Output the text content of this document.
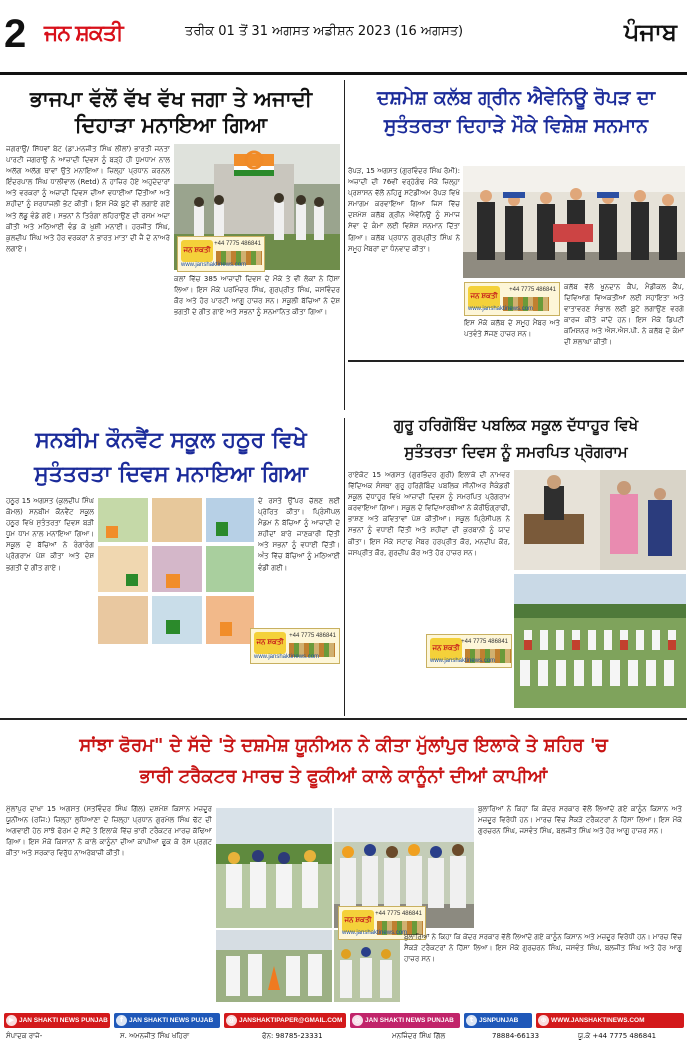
2 ਜਨ ਸ਼ਕਤੀ	ਤਰੀਕ 01 ਤੋਂ 31 ਅਗਸਤ ਅਡੀਸ਼ਨ 2023 (16 ਅਗਸਤ)	ਪੰਜਾਬ
ਭਾਜਪਾ ਵੱਲੋਂ ਵੱਖ ਵੱਖ ਜਗਾ ਤੇ ਅਜਾਦੀ
ਦਿਹਾੜਾ ਮਨਾਇਆ ਗਿਆ
ਜਗਰਾਉਂ/ ਸਿੱਧਵਾਂ ਬੇਟ (ਡਾ.ਮਨਜੀਤ ਸਿੰਘ ਲੀਲਾਂ) ਭਾਰਤੀ ਜਨਤਾ ਪਾਰਟੀ ਜਗਰਾਉਂ ਨੇ ਆਜ਼ਾਦੀ ਦਿਵਸ ਨੂੰ ਬੜ੍ਹੇ ਹੀ ਧੂਮਧਾਮ ਨਾਲ ਅਲੱਗ ਅਲੱਗ ਥਾਵਾਂ ਉਤੇ ਮਨਾਇਆ। ਜ਼ਿਲ੍ਹਾ ਪ੍ਰਧਾਨ ਕਰਨਲ ਇੰਦਰਪਾਲ ਸਿੰਘ ਧਾਲੀਵਾਲ (Retd) ਨੇ ਹਾਜ਼ਿਰ ਹੋਏ ਅਹੁਦੇਦਾਰਾਂ ਅਤੇ ਵਰਕਰਾਂ ਨੂੰ ਅਜ਼ਾਦੀ ਦਿਵਸ ਦੀਆਂ ਵਧਾਈਆਂ ਦਿੱਤੀਆਂ ਅਤੇ ਸ਼ਹੀਦਾਂ ਨੂੰ ਸ਼ਰਧਾਂਜਲੀ ਭੇਟ ਕੀਤੀ। ਇਸ ਮੌਕੇ ਬੂਟੇ ਵੀ ਲਗਾਏ ਗਏ ਅਤੇ ਲੱਡੂ ਵੰਡੇ ਗਏ। ਸਭਨਾਂ ਨੇ ਤਿਰੰਗਾ ਲਹਿਰਾਉਣ ਦੀ ਰਸਮ ਅਦਾ ਕੀਤੀ ਅਤੇ ਮਠਿਆਈ ਵੰਡ ਕੇ ਖੁਸ਼ੀ ਮਨਾਈ। ਹਰਜੀਤ ਸਿੰਘ, ਕੁਲਦੀਪ ਸਿੰਘ ਅਤੇ ਹੋਰ ਵਰਕਰਾਂ ਨੇ ਭਾਰਤ ਮਾਤਾ ਦੀ ਜੈ ਦੇ ਨਾਅਰੇ ਲਗਾਏ।
ਕਲਾਂ ਵਿੱਚ 385 ਆਜ਼ਾਦੀ ਦਿਵਸ ਦੇ ਮੌਕੇ ਤੇ ਵੀ ਲੋਕਾਂ ਨੇ ਹਿੱਸਾ ਲਿਆ। ਇਸ ਮੌਕੇ ਪਰਮਿੰਦਰ ਸਿੰਘ, ਗੁਰਪ੍ਰੀਤ ਸਿੰਘ, ਜਸਵਿੰਦਰ ਕੌਰ ਅਤੇ ਹੋਰ ਪਾਰਟੀ ਆਗੂ ਹਾਜ਼ਰ ਸਨ। ਸਕੂਲੀ ਬੱਚਿਆਂ ਨੇ ਦੇਸ਼ ਭਗਤੀ ਦੇ ਗੀਤ ਗਾਏ ਅਤੇ ਸਭਨਾਂ ਨੂੰ ਸਨਮਾਨਿਤ ਕੀਤਾ ਗਿਆ।
ਜਨ ਸ਼ਕਤੀ
+44 7775 486841
www.janshaktinews.com
ਦਸ਼ਮੇਸ਼ ਕਲੱਬ ਗ੍ਰੀਨ ਐਵੇਨਿਊ ਰੋਪੜ ਦਾ
ਸੁਤੰਤਰਤਾ ਦਿਹਾੜੇ ਮੌਕੇ ਵਿਸ਼ੇਸ਼ ਸਨਮਾਨ
ਰੋਪੜ, 15 ਅਗਸਤ (ਗੁਰਵਿੰਦਰ ਸਿੰਘ ਰੋਮੀ): ਅਜ਼ਾਦੀ ਦੀ 76ਵੀਂ ਵਰ੍ਹੇਗੰਢ ਮੌਕੇ ਜ਼ਿਲ੍ਹਾ ਪ੍ਰਸ਼ਾਸਨ ਵੱਲੋਂ ਨਹਿਰੂ ਸਟੇਡੀਅਮ ਰੋਪੜ ਵਿਖੇ ਸਮਾਗਮ ਕਰਵਾਇਆ ਗਿਆ ਜਿਸ ਵਿੱਚ ਦਸ਼ਮੇਸ਼ ਕਲੱਬ ਗ੍ਰੀਨ ਐਵੇਨਿਊ ਨੂੰ ਸਮਾਜ ਸੇਵਾ ਦੇ ਕੰਮਾਂ ਲਈ ਵਿਸ਼ੇਸ਼ ਸਨਮਾਨ ਦਿੱਤਾ ਗਿਆ। ਕਲੱਬ ਪ੍ਰਧਾਨ ਗੁਰਪ੍ਰੀਤ ਸਿੰਘ ਨੇ ਸਮੂਹ ਮੈਂਬਰਾਂ ਦਾ ਧੰਨਵਾਦ ਕੀਤਾ।
ਜਨ ਸ਼ਕਤੀ
+44 7775 486841
www.janshaktinews.com
ਕਲੱਬ ਵੱਲੋਂ ਖੂਨਦਾਨ ਕੈਂਪ, ਮੈਡੀਕਲ ਕੈਂਪ, ਦਿਵਿਆਂਗ ਵਿਅਕਤੀਆਂ ਲਈ ਸਹਾਇਤਾ ਅਤੇ ਵਾਤਾਵਰਣ ਸੰਭਾਲ ਲਈ ਬੂਟੇ ਲਗਾਉਣ ਵਰਗੇ ਕਾਰਜ ਕੀਤੇ ਜਾਂਦੇ ਹਨ। ਇਸ ਮੌਕੇ ਡਿਪਟੀ ਕਮਿਸ਼ਨਰ ਅਤੇ ਐਸ.ਐਸ.ਪੀ. ਨੇ ਕਲੱਬ ਦੇ ਕੰਮਾਂ ਦੀ ਸ਼ਲਾਘਾ ਕੀਤੀ।
ਇਸ ਮੌਕੇ ਕਲੱਬ ਦੇ ਸਮੂਹ ਮੈਂਬਰ ਅਤੇ ਪਤਵੰਤੇ ਸੱਜਣ ਹਾਜ਼ਰ ਸਨ।
ਸਨਬੀਮ ਕੌਨਵੈਂਟ ਸਕੂਲ ਹਠੂਰ ਵਿਖੇ
ਸੁਤੰਤਰਤਾ ਦਿਵਸ ਮਨਾਇਆ ਗਿਆ
ਹਠੂਰ 15 ਅਗਸਤ (ਕੁਲਦੀਪ ਸਿੰਘ ਕੋਮਲ) ਸਨਬੀਮ ਕੌਨਵੈਂਟ ਸਕੂਲ ਹਠੂਰ ਵਿਖੇ ਸੁਤੰਤਰਤਾ ਦਿਵਸ ਬੜੀ ਧੂਮ ਧਾਮ ਨਾਲ ਮਨਾਇਆ ਗਿਆ। ਸਕੂਲ ਦੇ ਬੱਚਿਆਂ ਨੇ ਰੰਗਾਰੰਗ ਪ੍ਰੋਗਰਾਮ ਪੇਸ਼ ਕੀਤਾ ਅਤੇ ਦੇਸ਼ ਭਗਤੀ ਦੇ ਗੀਤ ਗਾਏ।
ਜਨ ਸ਼ਕਤੀ
+44 7775 486841
www.janshaktinews.com
ਦੇ ਰਸਤੇ ਉੱਪਰ ਚੱਲਣ ਲਈ ਪ੍ਰੇਰਿਤ ਕੀਤਾ। ਪ੍ਰਿੰਸੀਪਲ ਮੈਡਮ ਨੇ ਬੱਚਿਆਂ ਨੂੰ ਆਜ਼ਾਦੀ ਦੇ ਸ਼ਹੀਦਾਂ ਬਾਰੇ ਜਾਣਕਾਰੀ ਦਿੱਤੀ ਅਤੇ ਸਭਨਾਂ ਨੂੰ ਵਧਾਈ ਦਿੱਤੀ। ਅੰਤ ਵਿੱਚ ਬੱਚਿਆਂ ਨੂੰ ਮਠਿਆਈ ਵੰਡੀ ਗਈ।
ਗੁਰੂ ਹਰਿਗੋਬਿੰਦ ਪਬਲਿਕ ਸਕੂਲ ਦੱਧਾਹੂਰ ਵਿਖੇ
ਸੁਤੰਤਰਤਾ ਦਿਵਸ ਨੂੰ ਸਮਰਪਿਤ ਪ੍ਰੋਗਰਾਮ
ਰਾਏਕੋਟ 15 ਅਗਸਤ (ਗੁਰਭਿੰਦਰ ਗੁਰੀ) ਇਲਾਕੇ ਦੀ ਨਾਮਵਰ ਵਿੱਦਿਅਕ ਸੰਸਥਾ ਗੁਰੂ ਹਰਿਗੋਬਿੰਦ ਪਬਲਿਕ ਸੀਨੀਅਰ ਸੈਕੰਡਰੀ ਸਕੂਲ ਦੱਧਾਹੂਰ ਵਿਖੇ ਆਜ਼ਾਦੀ ਦਿਵਸ ਨੂੰ ਸਮਰਪਿਤ ਪ੍ਰੋਗਰਾਮ ਕਰਵਾਇਆ ਗਿਆ। ਸਕੂਲ ਦੇ ਵਿਦਿਆਰਥੀਆਂ ਨੇ ਕੋਰੀਓਗ੍ਰਾਫੀ, ਭਾਸ਼ਣ ਅਤੇ ਕਵਿਤਾਵਾਂ ਪੇਸ਼ ਕੀਤੀਆਂ। ਸਕੂਲ ਪ੍ਰਿੰਸੀਪਲ ਨੇ ਸਭਨਾਂ ਨੂੰ ਵਧਾਈ ਦਿੱਤੀ ਅਤੇ ਸ਼ਹੀਦਾਂ ਦੀ ਕੁਰਬਾਨੀ ਨੂੰ ਯਾਦ ਕੀਤਾ। ਇਸ ਮੌਕੇ ਸਟਾਫ ਮੈਂਬਰ ਹਰਪ੍ਰੀਤ ਕੌਰ, ਮਨਦੀਪ ਕੌਰ, ਜਸਪ੍ਰੀਤ ਕੌਰ, ਗੁਰਦੀਪ ਕੌਰ ਅਤੇ ਹੋਰ ਹਾਜ਼ਰ ਸਨ।
ਜਨ ਸ਼ਕਤੀ
+44 7775 486841
www.janshaktinews.com
ਸਾਂਝਾ ਫੋਰਮ" ਦੇ ਸੱਦੇ 'ਤੇ ਦਸ਼ਮੇਸ਼ ਯੂਨੀਅਨ ਨੇ ਕੀਤਾ ਮੁੱਲਾਂਪੁਰ ਇਲਾਕੇ ਤੇ ਸ਼ਹਿਰ 'ਚ
ਭਾਰੀ ਟਰੈਕਟਰ ਮਾਰਚ ਤੇ ਫੂਕੀਆਂ ਕਾਲੇ ਕਾਨੂੰਨਾਂ ਦੀਆਂ ਕਾਪੀਆਂ
ਮੁੱਲਾਂਪੁਰ ਦਾਖਾ 15 ਅਗਸਤ (ਸਤਵਿੰਦਰ ਸਿੰਘ ਗਿੱਲ) ਦਸ਼ਮੇਸ਼ ਕਿਸਾਨ ਮਜ਼ਦੂਰ ਯੂਨੀਅਨ (ਰਜਿ:) ਜ਼ਿਲ੍ਹਾ ਲੁਧਿਆਣਾ ਦੇ ਜ਼ਿਲ੍ਹਾ ਪ੍ਰਧਾਨ ਗੁਰਮੇਲ ਸਿੰਘ ਢੱਟ ਦੀ ਅਗਵਾਈ ਹੇਠ ਸਾਂਝੇ ਫੋਰਮ ਦੇ ਸੱਦੇ ਤੇ ਇਲਾਕੇ ਵਿੱਚ ਭਾਰੀ ਟਰੈਕਟਰ ਮਾਰਚ ਕੱਢਿਆ ਗਿਆ। ਇਸ ਮੌਕੇ ਕਿਸਾਨਾਂ ਨੇ ਕਾਲੇ ਕਾਨੂੰਨਾਂ ਦੀਆਂ ਕਾਪੀਆਂ ਫੂਕ ਕੇ ਰੋਸ ਪ੍ਰਗਟ ਕੀਤਾ ਅਤੇ ਸਰਕਾਰ ਵਿਰੁੱਧ ਨਾਅਰੇਬਾਜ਼ੀ ਕੀਤੀ।
ਜਨ ਸ਼ਕਤੀ
+44 7775 486841
www.janshaktinews.com
ਬੁਲਾਰਿਆਂ ਨੇ ਕਿਹਾ ਕਿ ਕੇਂਦਰ ਸਰਕਾਰ ਵੱਲੋਂ ਲਿਆਂਦੇ ਗਏ ਕਾਨੂੰਨ ਕਿਸਾਨ ਅਤੇ ਮਜ਼ਦੂਰ ਵਿਰੋਧੀ ਹਨ। ਮਾਰਚ ਵਿੱਚ ਸੈਂਕੜੇ ਟਰੈਕਟਰਾਂ ਨੇ ਹਿੱਸਾ ਲਿਆ। ਇਸ ਮੌਕੇ ਗੁਰਚਰਨ ਸਿੰਘ, ਜਸਵੰਤ ਸਿੰਘ, ਬਲਜੀਤ ਸਿੰਘ ਅਤੇ ਹੋਰ ਆਗੂ ਹਾਜ਼ਰ ਸਨ।
ਬੁਲਾਰਿਆਂ ਨੇ ਕਿਹਾ ਕਿ ਕੇਂਦਰ ਸਰਕਾਰ ਵੱਲੋਂ ਲਿਆਂਦੇ ਗਏ ਕਾਨੂੰਨ ਕਿਸਾਨ ਅਤੇ ਮਜ਼ਦੂਰ ਵਿਰੋਧੀ ਹਨ। ਮਾਰਚ ਵਿੱਚ ਸੈਂਕੜੇ ਟਰੈਕਟਰਾਂ ਨੇ ਹਿੱਸਾ ਲਿਆ। ਇਸ ਮੌਕੇ ਗੁਰਚਰਨ ਸਿੰਘ, ਜਸਵੰਤ ਸਿੰਘ, ਬਲਜੀਤ ਸਿੰਘ ਅਤੇ ਹੋਰ ਆਗੂ ਹਾਜ਼ਰ ਸਨ।
▶ JAN SHAKTI NEWS PUNJAB	f JAN SHAKTI NEWS PUJAB	@ JANSHAKTIPAPER@GMAIL.COM	◎ JAN SHAKTI NEWS PUNJAB	t JSNPUNJAB	⊕ WWW.JANSHAKTINEWS.COM
ਸੰਪਾਦਕ ਰਾਜੇ-	ਸ. ਅਮਨਜੀਤ ਸਿੰਘ ਖਹਿਰਾ	ਫੋਨ: 98785-23331	ਮਨਜਿੰਦਰ ਸਿੰਘ ਗਿੱਲ	78884-66133	ਯੂ.ਕੇ +44 7775 486841
